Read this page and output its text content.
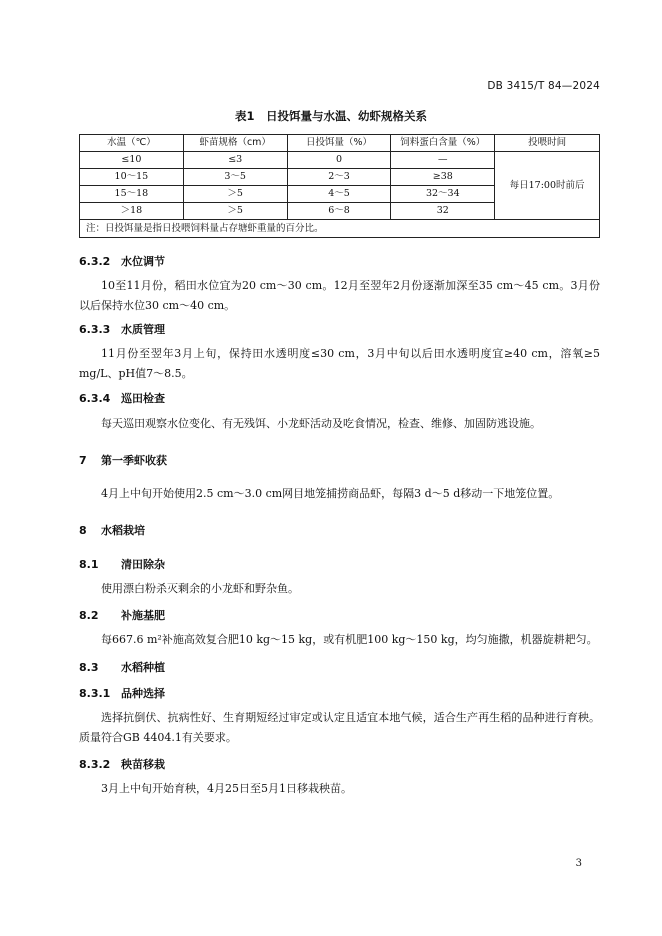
DB 3415/T 84—2024
表1　日投饵量与水温、幼虾规格关系
水温（℃）	虾苗规格（cm）	日投饵量（%）	饲料蛋白含量（%）	投喂时间
≤10	≤3	0	—	每日17:00时前后
10～15	3～5	2～3	≥38	
15～18	＞5	4～5	32～34	
＞18	＞5	6～8	32	
注：日投饵量是指日投喂饲料量占存塘虾重量的百分比。				
6.3.2 水位调节
10至11月份，稻田水位宜为20 cm～30 cm。12月至翌年2月份逐渐加深至35 cm～45 cm。3月份以后保持水位30 cm～40 cm。
6.3.3 水质管理
11月份至翌年3月上旬，保持田水透明度≤30 cm，3月中旬以后田水透明度宜≥40 cm，溶氧≥5 mg/L、pH值7～8.5。
6.3.4 巡田检查
每天巡田观察水位变化、有无残饵、小龙虾活动及吃食情况，检查、维修、加固防逃设施。
7 第一季虾收获
4月上中旬开始使用2.5 cm～3.0 cm网目地笼捕捞商品虾，每隔3 d～5 d移动一下地笼位置。
8 水稻栽培
8.1 清田除杂
使用漂白粉杀灭剩余的小龙虾和野杂鱼。
8.2 补施基肥
每667.6 m²补施高效复合肥10 kg～15 kg，或有机肥100 kg～150 kg，均匀施撒，机器旋耕耙匀。
8.3 水稻种植
8.3.1 品种选择
选择抗倒伏、抗病性好、生育期短经过审定或认定且适宜本地气候，适合生产再生稻的品种进行育秧。质量符合GB 4404.1有关要求。
8.3.2 秧苗移栽
3月上中旬开始育秧，4月25日至5月1日移栽秧苗。
3
